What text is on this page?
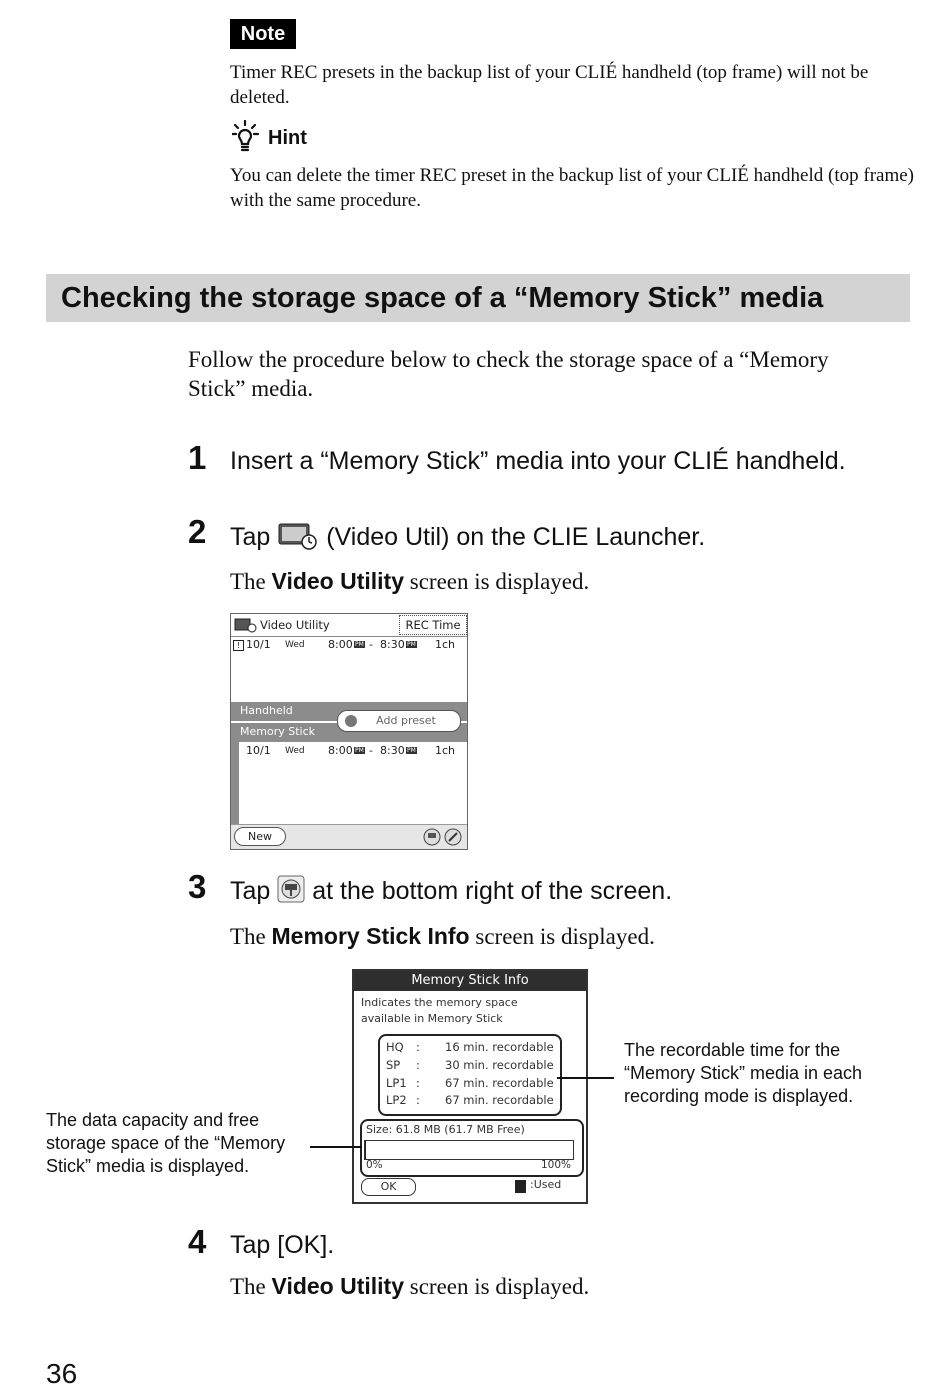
Note
Timer REC presets in the backup list of your CLIÉ handheld (top frame) will not be deleted.
Hint
You can delete the timer REC preset in the backup list of your CLIÉ handheld (top frame) with the same procedure.
Checking the storage space of a “Memory Stick” media
Follow the procedure below to check the storage space of a “Memory Stick” media.
1 Insert a “Memory Stick” media into your CLIÉ handheld.
2 Tap (Video Util) on the CLIE Launcher.
The Video Utility screen is displayed.
Video Utility	REC Time
! 10/1 Wed 8:00 PM - 8:30 PM 1ch
Handheld
Memory Stick
Add preset
10/1 Wed 8:00 PM - 8:30 PM 1ch
New
3 Tap at the bottom right of the screen.
The Memory Stick Info screen is displayed.
Memory Stick Info
Indicates the memory space
available in Memory Stick
HQ : 16 min. recordable
SP : 30 min. recordable
LP1 : 67 min. recordable
LP2 : 67 min. recordable
Size: 61.8 MB (61.7 MB Free)
0%	100%
OK	:Used
The recordable time for the “Memory Stick” media in each recording mode is displayed.
The data capacity and free storage space of the “Memory Stick” media is displayed.
4 Tap [OK].
The Video Utility screen is displayed.
36
